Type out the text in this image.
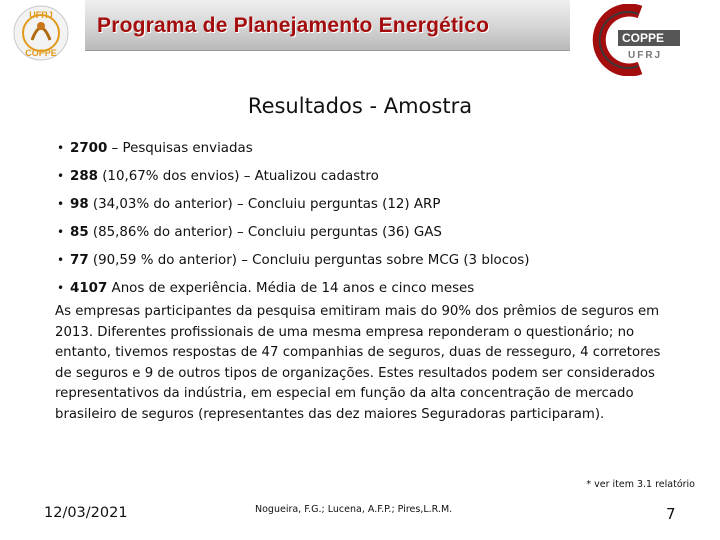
UFRJ
COPPE
Programa de Planejamento Energético
COPPE
UFRJ
Resultados - Amostra
• 2700 – Pesquisas enviadas
• 288 (10,67% dos envios) – Atualizou cadastro
• 98 (34,03% do anterior) – Concluiu perguntas (12) ARP
• 85 (85,86% do anterior) – Concluiu perguntas (36) GAS
• 77 (90,59 % do anterior) – Concluiu perguntas sobre MCG (3 blocos)
• 4107 Anos de experiência. Média de 14 anos e cinco meses

As empresas participantes da pesquisa emitiram mais do 90% dos prêmios de seguros em 2013. Diferentes profissionais de uma mesma empresa reponderam o questionário; no entanto, tivemos respostas de 47 companhias de seguros, duas de resseguro, 4 corretores de seguros e 9 de outros tipos de organizações. Estes resultados podem ser considerados representativos da indústria, em especial em função da alta concentração de mercado brasileiro de seguros (representantes das dez maiores Seguradoras participaram).

* ver item 3.1 relatório
12/03/2021	Nogueira, F.G.; Lucena, A.F.P.; Pires,L.R.M.	7
